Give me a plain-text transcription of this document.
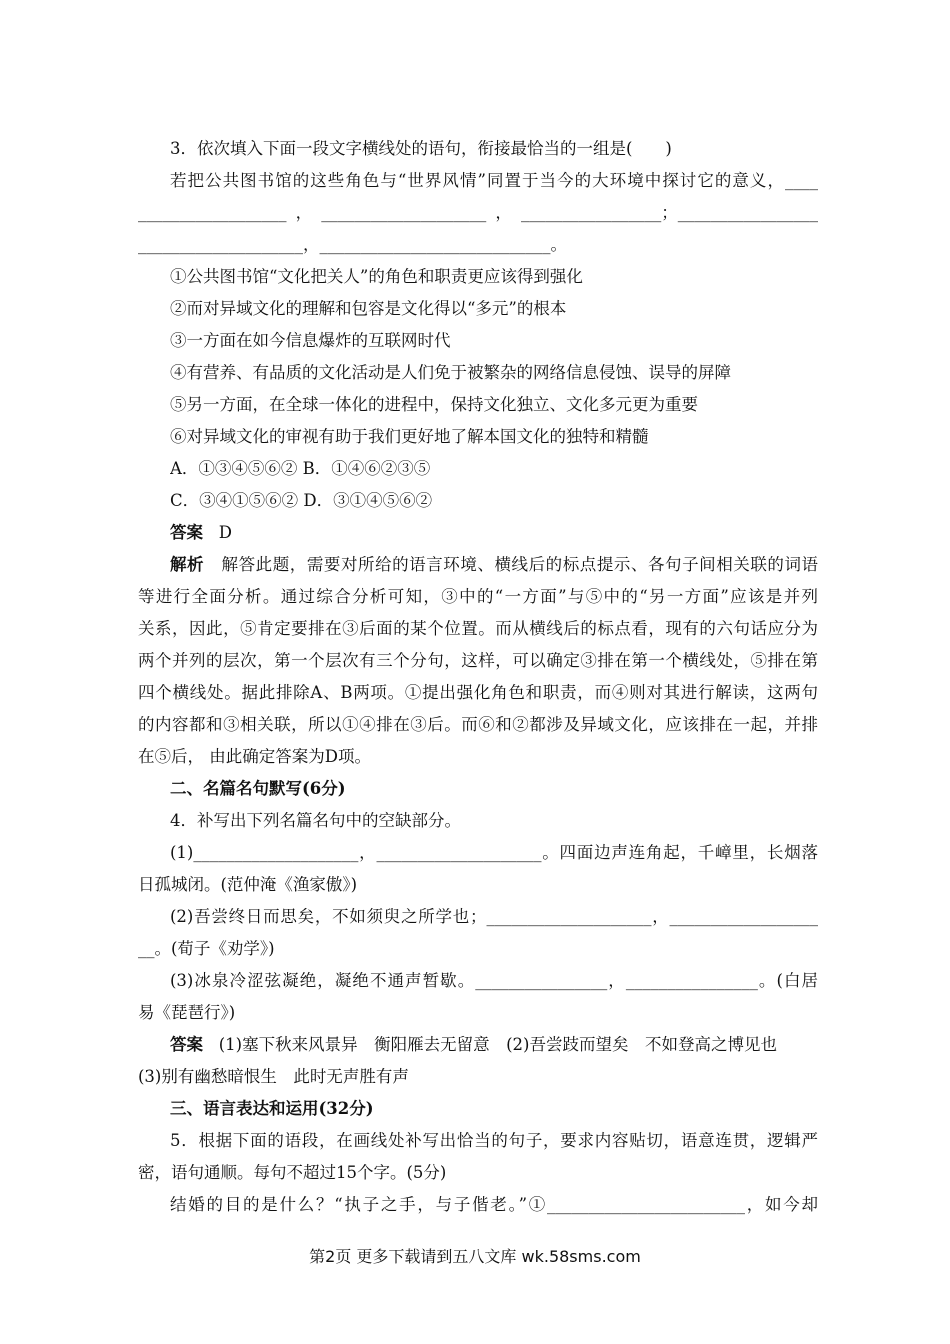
3．依次填入下面一段文字横线处的语句，衔接最恰当的一组是(　　)
若把公共图书馆的这些角色与“世界风情”同置于当今的大环境中探讨它的意义，____
__________________，____________________，_________________；_________________
____________________，____________________________。
①公共图书馆“文化把关人”的角色和职责更应该得到强化
②而对异域文化的理解和包容是文化得以“多元”的根本
③一方面在如今信息爆炸的互联网时代
④有营养、有品质的文化活动是人们免于被繁杂的网络信息侵蚀、误导的屏障
⑤另一方面，在全球一体化的进程中，保持文化独立、文化多元更为重要
⑥对异域文化的审视有助于我们更好地了解本国文化的独特和精髓
A．①③④⑤⑥② B．①④⑥②③⑤
C．③④①⑤⑥② D．③①④⑤⑥②
答案 D
解析 解答此题，需要对所给的语言环境、横线后的标点提示、各句子间相关联的词语
等进行全面分析。通过综合分析可知，③中的“一方面”与⑤中的“另一方面”应该是并列
关系，因此，⑤肯定要排在③后面的某个位置。而从横线后的标点看，现有的六句话应分为
两个并列的层次，第一个层次有三个分句，这样，可以确定③排在第一个横线处，⑤排在第
四个横线处。据此排除A、B两项。①提出强化角色和职责，而④则对其进行解读，这两句
的内容都和③相关联，所以①④排在③后。而⑥和②都涉及异域文化，应该排在一起，并排
在⑤后， 由此确定答案为D项。
二、名篇名句默写(6分)
4．补写出下列名篇名句中的空缺部分。
(1)____________________，____________________。四面边声连角起，千嶂里，长烟落
日孤城闭。(范仲淹《渔家傲》)
(2)吾尝终日而思矣，不如须臾之所学也；____________________，__________________
__。(荀子《劝学》)
(3)冰泉冷涩弦凝绝，凝绝不通声暂歇。________________，________________。(白居
易《琵琶行》)
答案 (1)塞下秋来风景异　衡阳雁去无留意　(2)吾尝跂而望矣　不如登高之博见也
(3)别有幽愁暗恨生　此时无声胜有声
三、语言表达和运用(32分)
5．根据下面的语段，在画线处补写出恰当的句子，要求内容贴切，语意连贯，逻辑严
密，语句通顺。每句不超过15个字。(5分)
结婚的目的是什么？“执子之手，与子偕老。”①________________________，如今却
第2页 更多下载请到五八文库 wk.58sms.com
